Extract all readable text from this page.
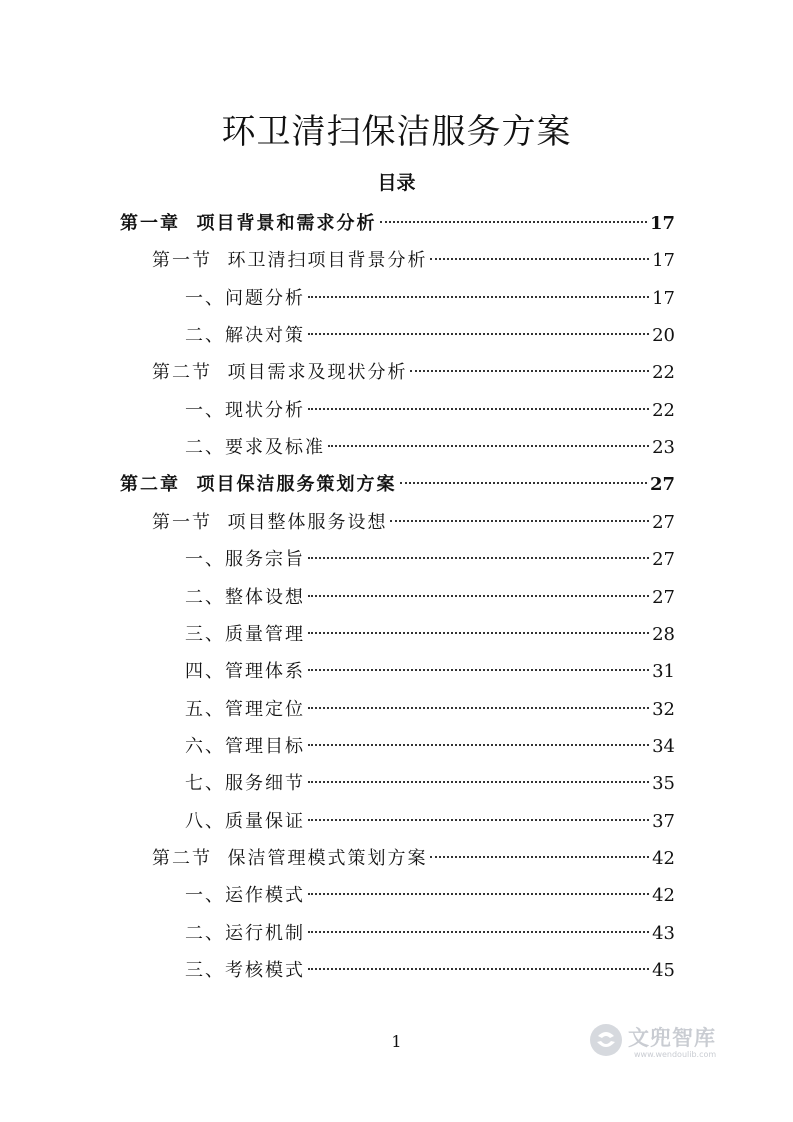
环卫清扫保洁服务方案
目录
第一章  项目背景和需求分析	17
第一节  环卫清扫项目背景分析	17
一、问题分析	17
二、解决对策	20
第二节  项目需求及现状分析	22
一、现状分析	22
二、要求及标准	23
第二章  项目保洁服务策划方案	27
第一节  项目整体服务设想	27
一、服务宗旨	27
二、整体设想	27
三、质量管理	28
四、管理体系	31
五、管理定位	32
六、管理目标	34
七、服务细节	35
八、质量保证	37
第二节  保洁管理模式策划方案	42
一、运作模式	42
二、运行机制	43
三、考核模式	45
1	文兜智库
www.wendoulib.com
